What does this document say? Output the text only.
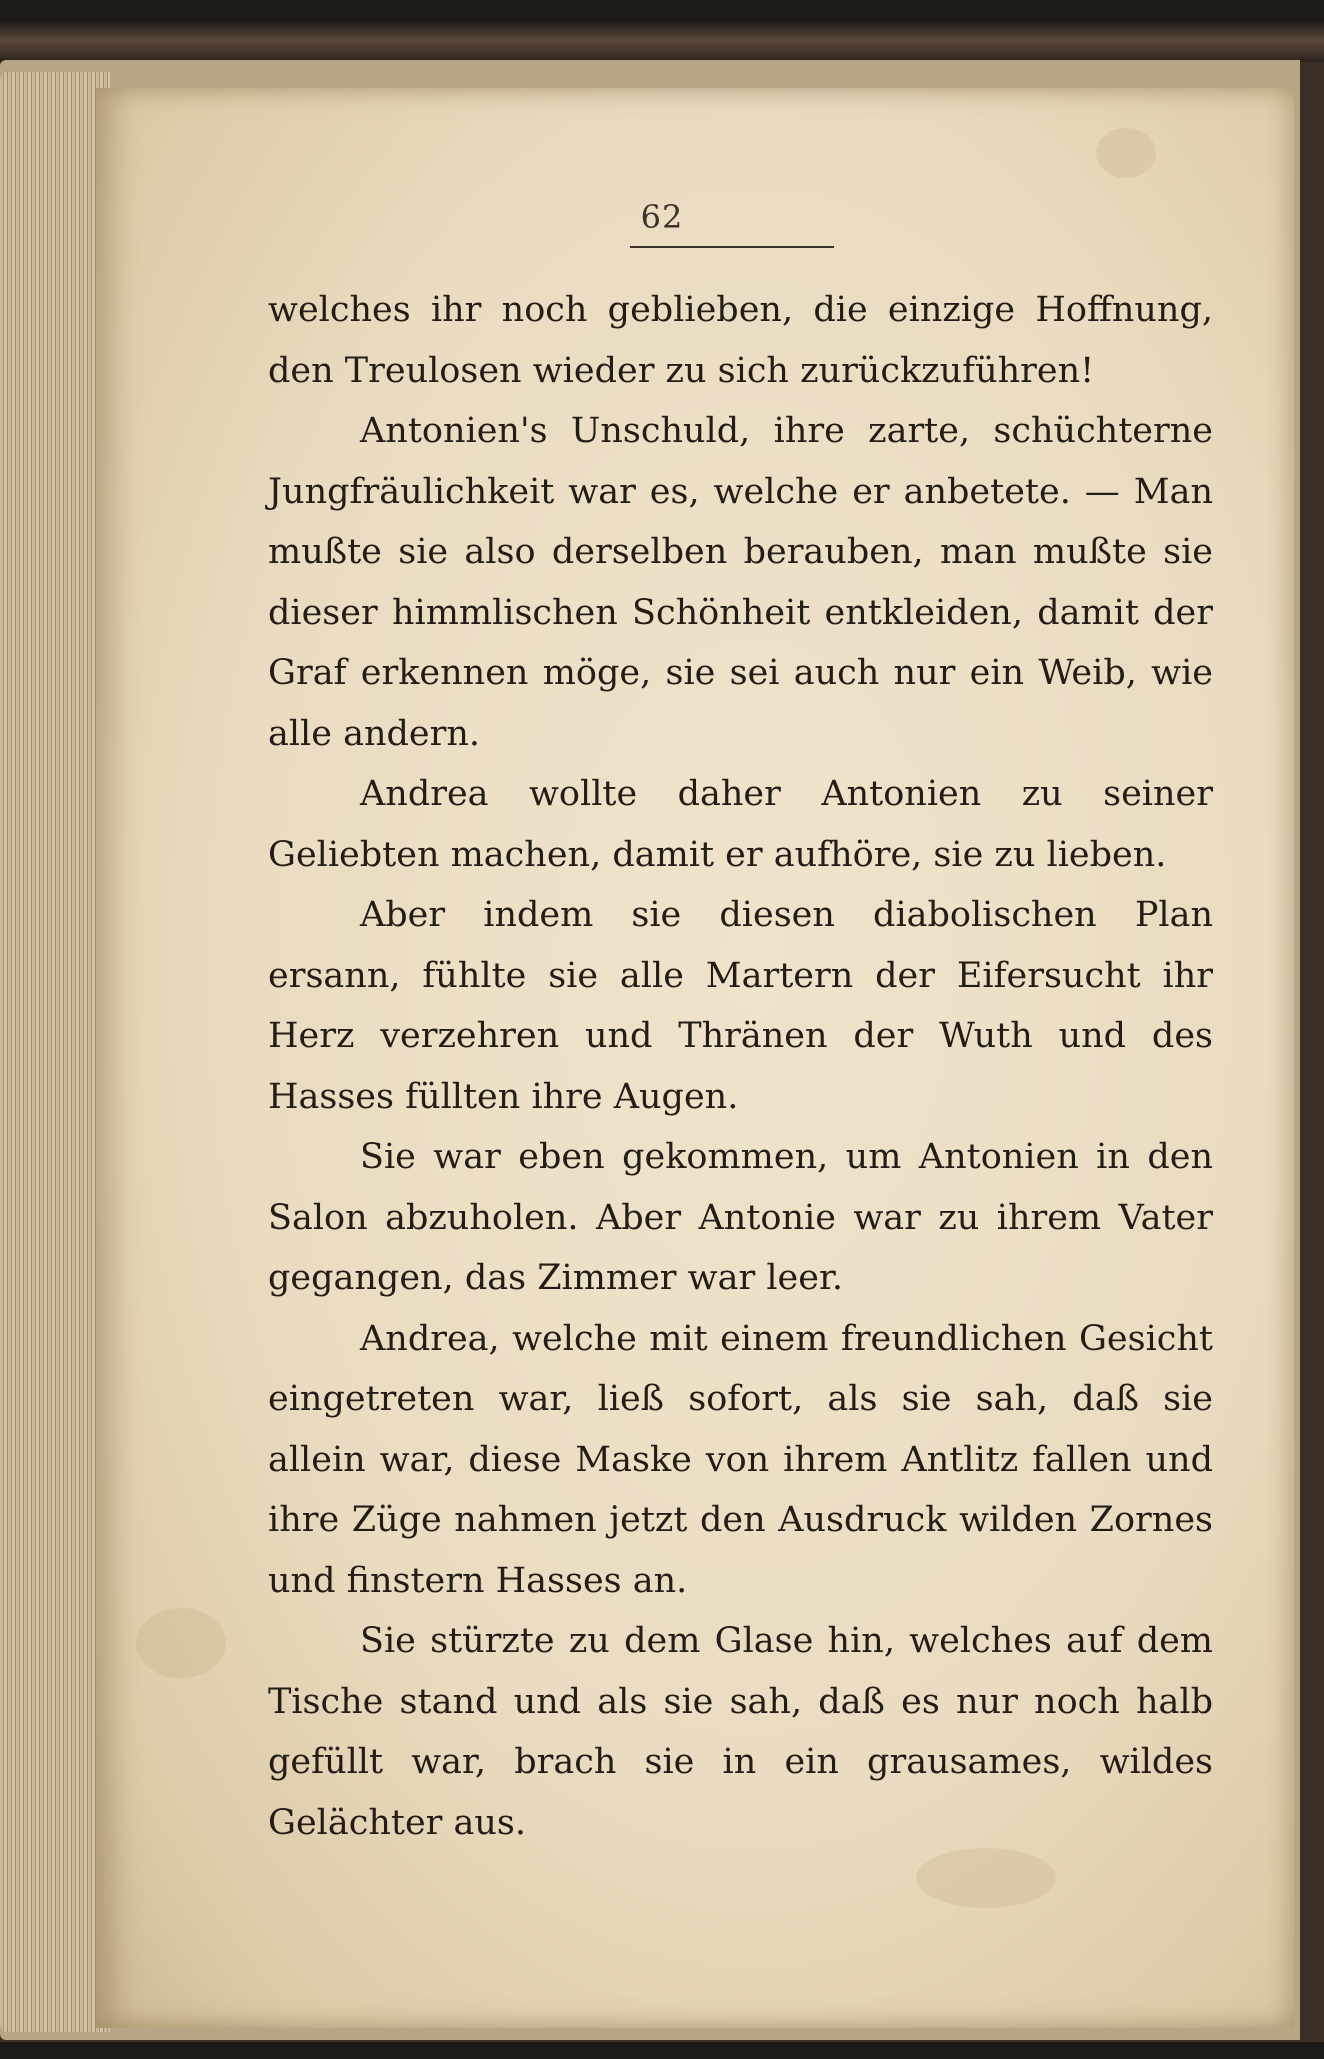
62

welches ihr noch geblieben, die einzige Hoffnung, den Treulosen wieder zu sich zurückzuführen!

Antonien's Unschuld, ihre zarte, schüchterne Jungfräulichkeit war es, welche er anbetete. — Man mußte sie also derselben berauben, man mußte sie dieser himmlischen Schönheit entkleiden, damit der Graf erkennen möge, sie sei auch nur ein Weib, wie alle andern.

Andrea wollte daher Antonien zu seiner Geliebten machen, damit er aufhöre, sie zu lieben.

Aber indem sie diesen diabolischen Plan ersann, fühlte sie alle Martern der Eifersucht ihr Herz verzehren und Thränen der Wuth und des Hasses füllten ihre Augen.

Sie war eben gekommen, um Antonien in den Salon abzuholen. Aber Antonie war zu ihrem Vater gegangen, das Zimmer war leer.

Andrea, welche mit einem freundlichen Gesicht eingetreten war, ließ sofort, als sie sah, daß sie allein war, diese Maske von ihrem Antlitz fallen und ihre Züge nahmen jetzt den Ausdruck wilden Zornes und finstern Hasses an.

Sie stürzte zu dem Glase hin, welches auf dem Tische stand und als sie sah, daß es nur noch halb gefüllt war, brach sie in ein grausames, wildes Gelächter aus.
